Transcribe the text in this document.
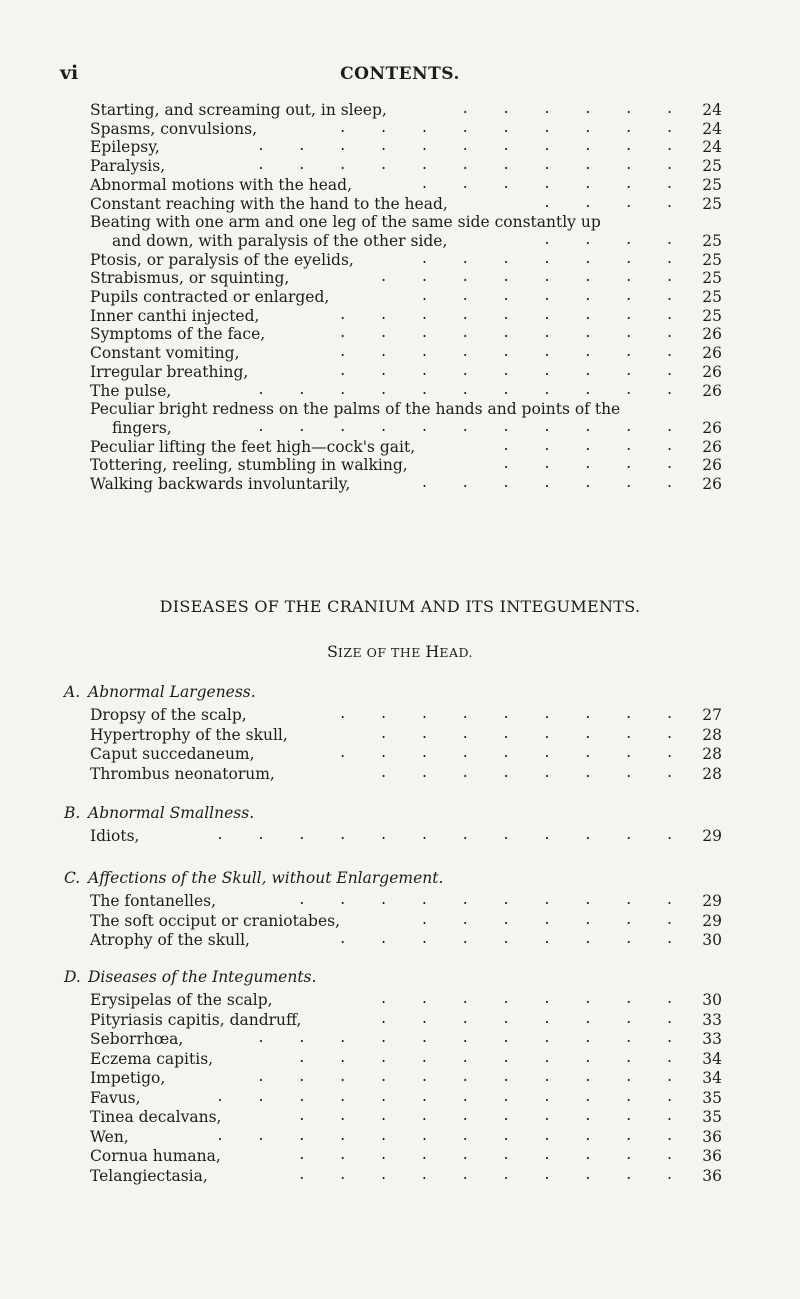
vi	CONTENTS.
DISEASES OF THE CRANIUM AND ITS INTEGUMENTS.
SIZE OF THE HEAD.
Starting, and screaming out, in sleep,	24
.   .   .   .   .   .
Spasms, convulsions,	24
.   .   .   .   .   .   .   .   .
Epilepsy,	24
.   .   .   .   .   .   .   .   .   .   .
Paralysis,	25
.   .   .   .   .   .   .   .   .   .   .
Abnormal motions with the head,	25
.   .   .   .   .   .   .
Constant reaching with the hand to the head,	25
.   .   .   .
Beating with one arm and one leg of the same side constantly up
and down, with paralysis of the other side,	25
.   .   .   .
Ptosis, or paralysis of the eyelids,	25
.   .   .   .   .   .   .
Strabismus, or squinting,	25
.   .   .   .   .   .   .   .
Pupils contracted or enlarged,	25
.   .   .   .   .   .   .
Inner canthi injected,	25
.   .   .   .   .   .   .   .   .
Symptoms of the face,	26
.   .   .   .   .   .   .   .   .
Constant vomiting,	26
.   .   .   .   .   .   .   .   .
Irregular breathing,	26
.   .   .   .   .   .   .   .   .
The pulse,	26
.   .   .   .   .   .   .   .   .   .   .
Peculiar bright redness on the palms of the hands and points of the
fingers,	26
.   .   .   .   .   .   .   .   .   .   .
Peculiar lifting the feet high—cock's gait,	26
.   .   .   .   .
Tottering, reeling, stumbling in walking,	26
.   .   .   .   .
Walking backwards involuntarily,	26
.   .   .   .   .   .   .
A. Abnormal Largeness.
Dropsy of the scalp,	27
.   .   .   .   .   .   .   .   .
Hypertrophy of the skull,	28
.   .   .   .   .   .   .   .
Caput succedaneum,	28
.   .   .   .   .   .   .   .   .
Thrombus neonatorum,	28
.   .   .   .   .   .   .   .
B. Abnormal Smallness.
Idiots,	29
.   .   .   .   .   .   .   .   .   .   .   .
C. Affections of the Skull, without Enlargement.
The fontanelles,	29
.   .   .   .   .   .   .   .   .   .
The soft occiput or craniotabes,	29
.   .   .   .   .   .   .
Atrophy of the skull,	30
.   .   .   .   .   .   .   .   .
D. Diseases of the Integuments.
Erysipelas of the scalp,	30
.   .   .   .   .   .   .   .
Pityriasis capitis, dandruff,	33
.   .   .   .   .   .   .   .
Seborrhœa,	33
.   .   .   .   .   .   .   .   .   .   .
Eczema capitis,	34
.   .   .   .   .   .   .   .   .   .
Impetigo,	34
.   .   .   .   .   .   .   .   .   .   .
Favus,	35
.   .   .   .   .   .   .   .   .   .   .   .
Tinea decalvans,	35
.   .   .   .   .   .   .   .   .   .
Wen,	36
.   .   .   .   .   .   .   .   .   .   .   .
Cornua humana,	36
.   .   .   .   .   .   .   .   .   .
Telangiectasia,	36
.   .   .   .   .   .   .   .   .   .
